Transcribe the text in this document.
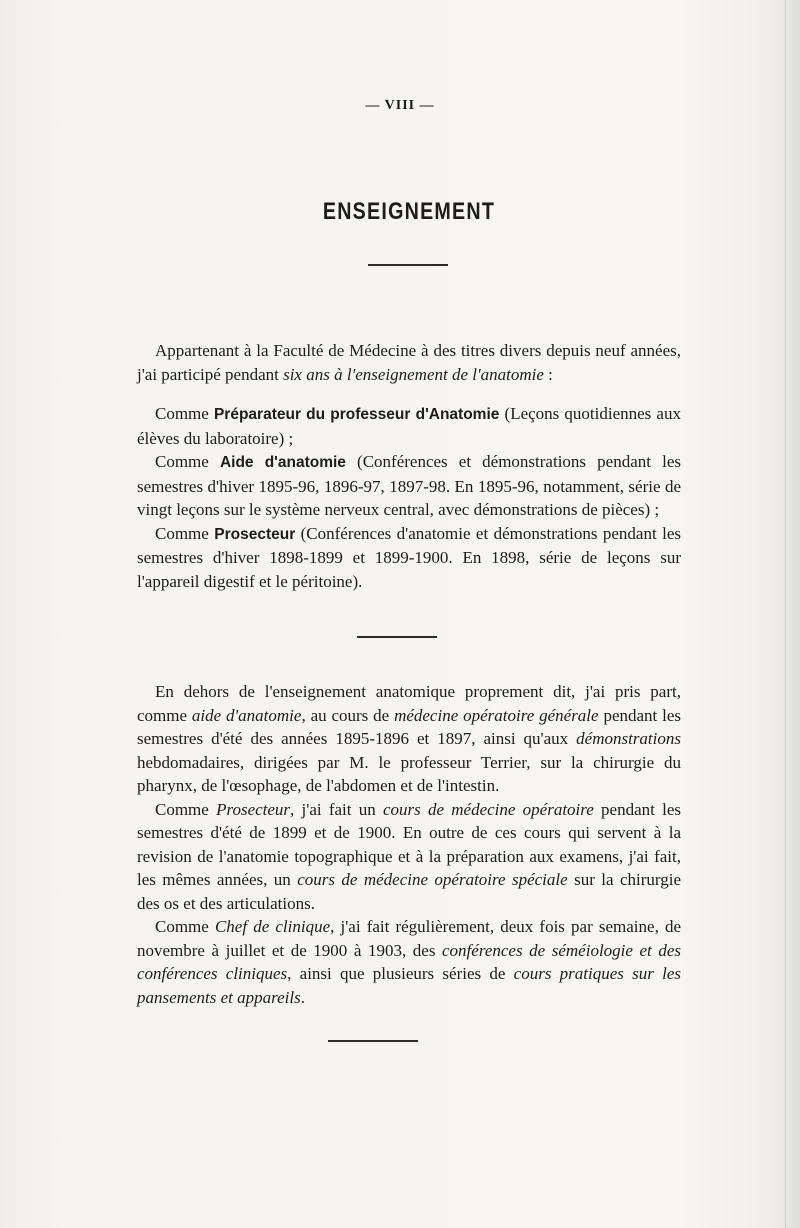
— VIII —
ENSEIGNEMENT

Appartenant à la Faculté de Médecine à des titres divers depuis neuf années, j'ai participé pendant six ans à l'enseignement de l'anatomie :

Comme Préparateur du professeur d'Anatomie (Leçons quotidiennes aux élèves du laboratoire) ;

Comme Aide d'anatomie (Conférences et démonstrations pendant les semestres d'hiver 1895-96, 1896-97, 1897-98. En 1895-96, notamment, série de vingt leçons sur le système nerveux central, avec démonstrations de pièces) ;

Comme Prosecteur (Conférences d'anatomie et démonstrations pendant les semestres d'hiver 1898-1899 et 1899-1900. En 1898, série de leçons sur l'appareil digestif et le péritoine).

En dehors de l'enseignement anatomique proprement dit, j'ai pris part, comme aide d'anatomie, au cours de médecine opératoire générale pendant les semestres d'été des années 1895-1896 et 1897, ainsi qu'aux démonstrations hebdomadaires, dirigées par M. le professeur Terrier, sur la chirurgie du pharynx, de l'œsophage, de l'abdomen et de l'intestin.

Comme Prosecteur, j'ai fait un cours de médecine opératoire pendant les semestres d'été de 1899 et de 1900. En outre de ces cours qui servent à la revision de l'anatomie topographique et à la préparation aux examens, j'ai fait, les mêmes années, un cours de médecine opératoire spéciale sur la chirurgie des os et des articulations.

Comme Chef de clinique, j'ai fait régulièrement, deux fois par semaine, de novembre à juillet et de 1900 à 1903, des conférences de séméiologie et des conférences cliniques, ainsi que plusieurs séries de cours pratiques sur les pansements et appareils.
